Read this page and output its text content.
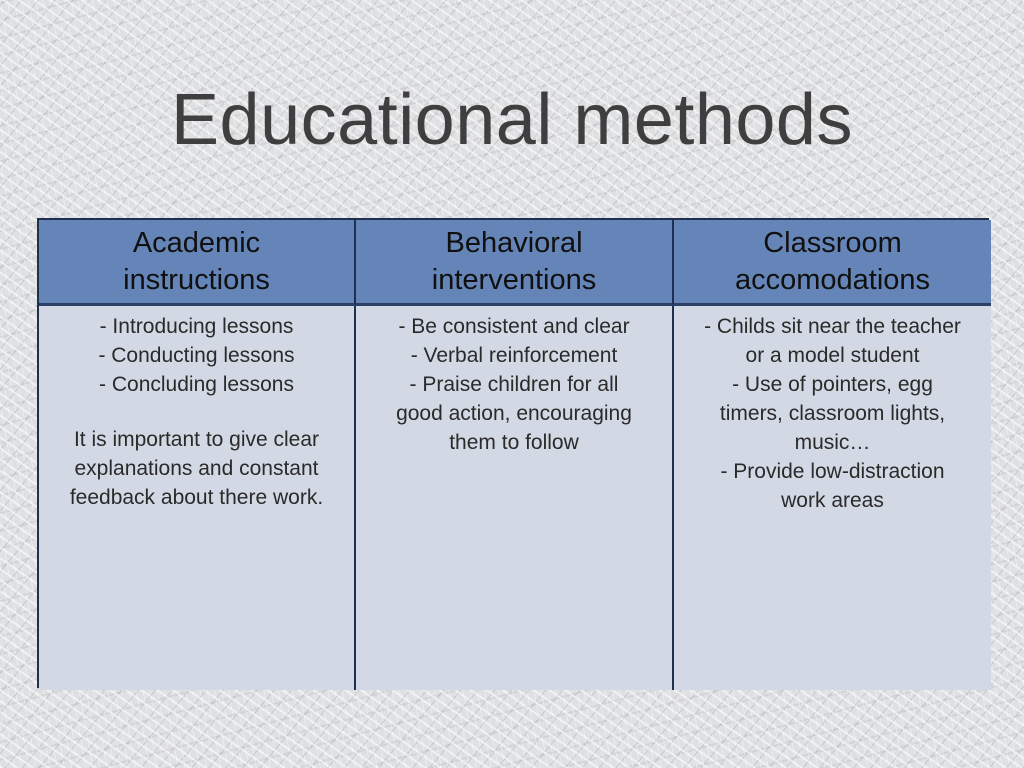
Educational methods
Academic
instructions
Behavioral
interventions
Classroom
accomodations
- Introducing lessons
- Conducting lessons
- Concluding lessons
It is important to give clear
explanations and constant
feedback about there work.
- Be consistent and clear
- Verbal reinforcement
- Praise children for all
good action, encouraging
them to follow
- Childs sit near the teacher
or a model student
- Use of pointers, egg
timers, classroom lights,
music…
- Provide low-distraction
work areas
